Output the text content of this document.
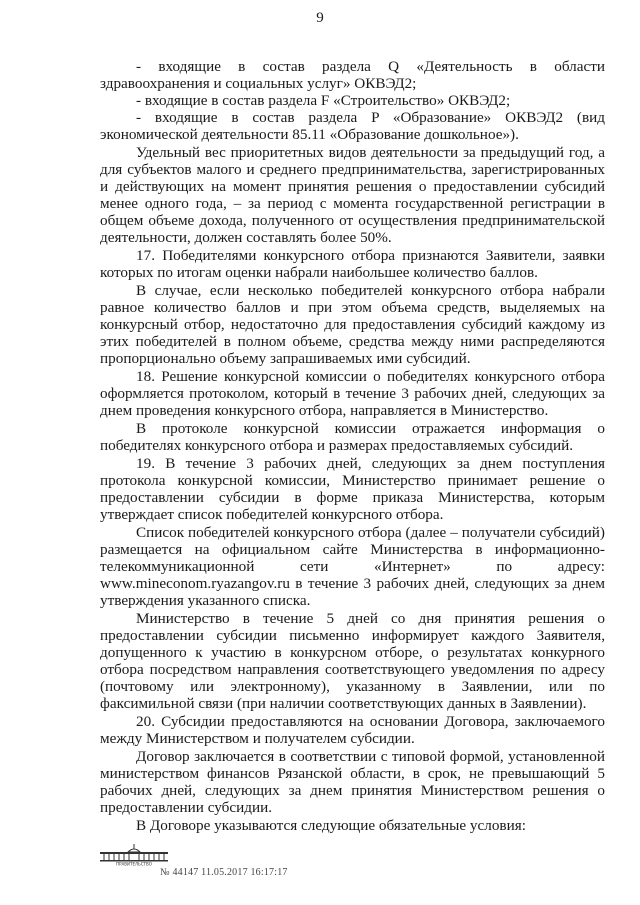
9

- входящие в состав раздела Q «Деятельность в области здравоохранения и социальных услуг» ОКВЭД2;

- входящие в состав раздела F «Строительство» ОКВЭД2;

- входящие в состав раздела P «Образование» ОКВЭД2 (вид экономической деятельности 85.11 «Образование дошкольное»).

Удельный вес приоритетных видов деятельности за предыдущий год, а для субъектов малого и среднего предпринимательства, зарегистрированных и действующих на момент принятия решения о предоставлении субсидий менее одного года, – за период с момента государственной регистрации в общем объеме дохода, полученного от осуществления предпринимательской деятельности, должен составлять более 50%.

17. Победителями конкурсного отбора признаются Заявители, заявки которых по итогам оценки набрали наибольшее количество баллов.

В случае, если несколько победителей конкурсного отбора набрали равное количество баллов и при этом объема средств, выделяемых на конкурсный отбор, недостаточно для предоставления субсидий каждому из этих победителей в полном объеме, средства между ними распределяются пропорционально объему запрашиваемых ими субсидий.

18. Решение конкурсной комиссии о победителях конкурсного отбора оформляется протоколом, который в течение 3 рабочих дней, следующих за днем проведения конкурсного отбора, направляется в Министерство.

В протоколе конкурсной комиссии отражается информация о победителях конкурсного отбора и размерах предоставляемых субсидий.

19. В течение 3 рабочих дней, следующих за днем поступления протокола конкурсной комиссии, Министерство принимает решение о предоставлении субсидии в форме приказа Министерства, которым утверждает список победителей конкурсного отбора.

Список победителей конкурсного отбора (далее – получатели субсидий) размещается на официальном сайте Министерства в информационно-телекоммуникационной сети «Интернет» по адресу: www.mineconom.ryazangov.ru в течение 3 рабочих дней, следующих за днем утверждения указанного списка.

Министерство в течение 5 дней со дня принятия решения о предоставлении субсидии письменно информирует каждого Заявителя, допущенного к участию в конкурсном отборе, о результатах конкурного отбора посредством направления соответствующего уведомления по адресу (почтовому или электронному), указанному в Заявлении, или по факсимильной связи (при наличии соответствующих данных в Заявлении).

20. Субсидии предоставляются на основании Договора, заключаемого между Министерством и получателем субсидии.

Договор заключается в соответствии с типовой формой, установленной министерством финансов Рязанской области, в срок, не превышающий 5 рабочих дней, следующих за днем принятия Министерством решения о предоставлении субсидии.

В Договоре указываются следующие обязательные условия:

ПРАВИТЕЛЬСТВО
№ 44147 11.05.2017 16:17:17
